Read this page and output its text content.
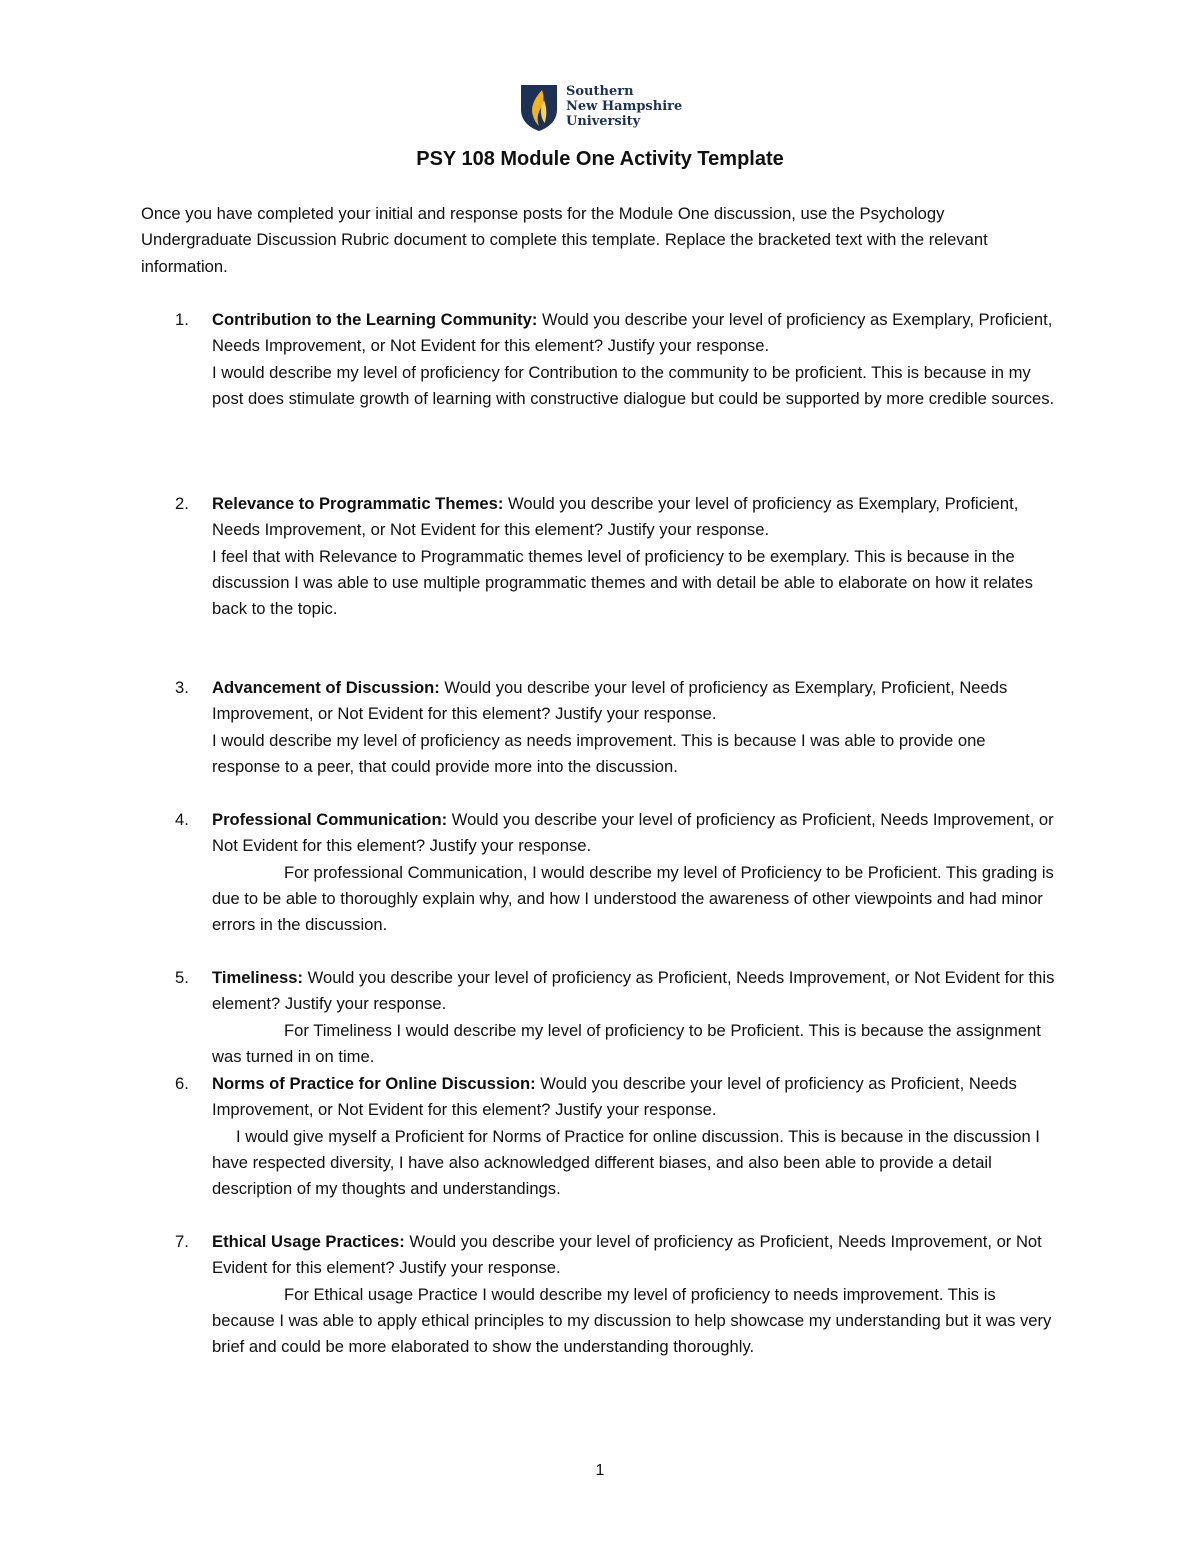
Southern
New Hampshire
University
PSY 108 Module One Activity Template

Once you have completed your initial and response posts for the Module One discussion, use the Psychology Undergraduate Discussion Rubric document to complete this template. Replace the bracketed text with the relevant information.

1. Contribution to the Learning Community: Would you describe your level of proficiency as Exemplary, Proficient, Needs Improvement, or Not Evident for this element? Justify your response.

I would describe my level of proficiency for Contribution to the community to be proficient. This is because in my post does stimulate growth of learning with constructive dialogue but could be supported by more credible sources.

2. Relevance to Programmatic Themes: Would you describe your level of proficiency as Exemplary, Proficient, Needs Improvement, or Not Evident for this element? Justify your response.

I feel that with Relevance to Programmatic themes level of proficiency to be exemplary. This is because in the discussion I was able to use multiple programmatic themes and with detail be able to elaborate on how it relates back to the topic.

3. Advancement of Discussion: Would you describe your level of proficiency as Exemplary, Proficient, Needs Improvement, or Not Evident for this element? Justify your response.

I would describe my level of proficiency as needs improvement. This is because I was able to provide one response to a peer, that could provide more into the discussion.

4. Professional Communication: Would you describe your level of proficiency as Proficient, Needs Improvement, or Not Evident for this element? Justify your response.

For professional Communication, I would describe my level of Proficiency to be Proficient. This grading is due to be able to thoroughly explain why, and how I understood the awareness of other viewpoints and had minor errors in the discussion.

5. Timeliness: Would you describe your level of proficiency as Proficient, Needs Improvement, or Not Evident for this element? Justify your response.

For Timeliness I would describe my level of proficiency to be Proficient. This is because the assignment was turned in on time.

6. Norms of Practice for Online Discussion: Would you describe your level of proficiency as Proficient, Needs Improvement, or Not Evident for this element? Justify your response.

I would give myself a Proficient for Norms of Practice for online discussion. This is because in the discussion I have respected diversity, I have also acknowledged different biases, and also been able to provide a detail description of my thoughts and understandings.

7. Ethical Usage Practices: Would you describe your level of proficiency as Proficient, Needs Improvement, or Not Evident for this element? Justify your response.

For Ethical usage Practice I would describe my level of proficiency to needs improvement. This is because I was able to apply ethical principles to my discussion to help showcase my understanding but it was very brief and could be more elaborated to show the understanding thoroughly.

1
